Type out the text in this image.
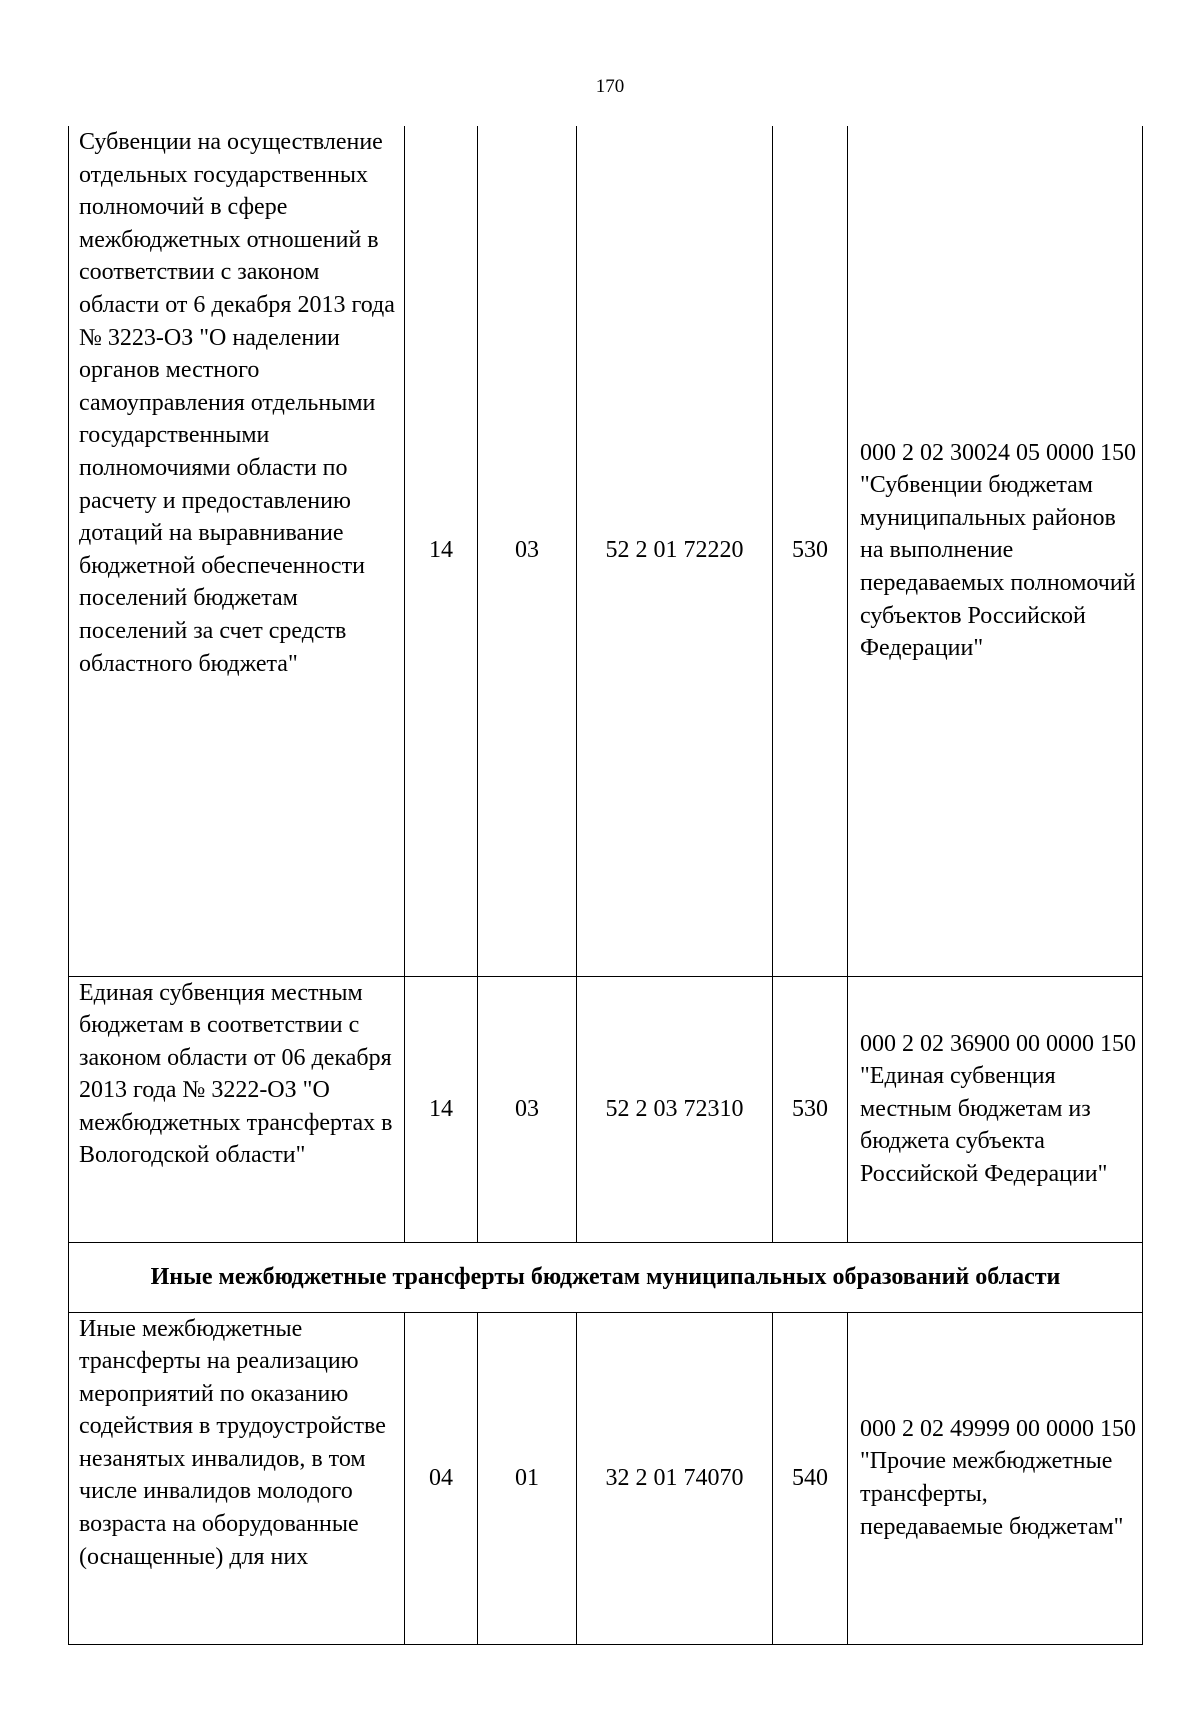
170
Субвенции на осуществление отдельных государственных полномочий в сфере межбюджетных отношений в соответствии с законом области от 6 декабря 2013 года № 3223-ОЗ "О наделении органов местного самоуправления отдельными государственными полномочиями области по расчету и предоставлению дотаций на выравнивание бюджетной обеспеченности поселений бюджетам поселений за счет средств областного бюджета"	14	03	52 2 01 72220	530	000 2 02 30024 05 0000 150 "Субвенции бюджетам муниципальных районов на выполнение передаваемых полномочий субъектов Российской Федерации"
Единая субвенция местным бюджетам в соответствии с законом области от 06 декабря 2013 года № 3222-ОЗ "О межбюджетных трансфертах в Вологодской области"	14	03	52 2 03 72310	530	000 2 02 36900 00 0000 150 "Единая субвенция местным бюджетам из бюджета субъекта Российской Федерации"
Иные межбюджетные трансферты бюджетам муниципальных образований области					
Иные межбюджетные трансферты на реализацию мероприятий по оказанию содействия в трудоустройстве незанятых инвалидов, в том числе инвалидов молодого возраста на оборудованные (оснащенные) для них	04	01	32 2 01 74070	540	000 2 02 49999 00 0000 150 "Прочие межбюджетные трансферты, передаваемые бюджетам"
